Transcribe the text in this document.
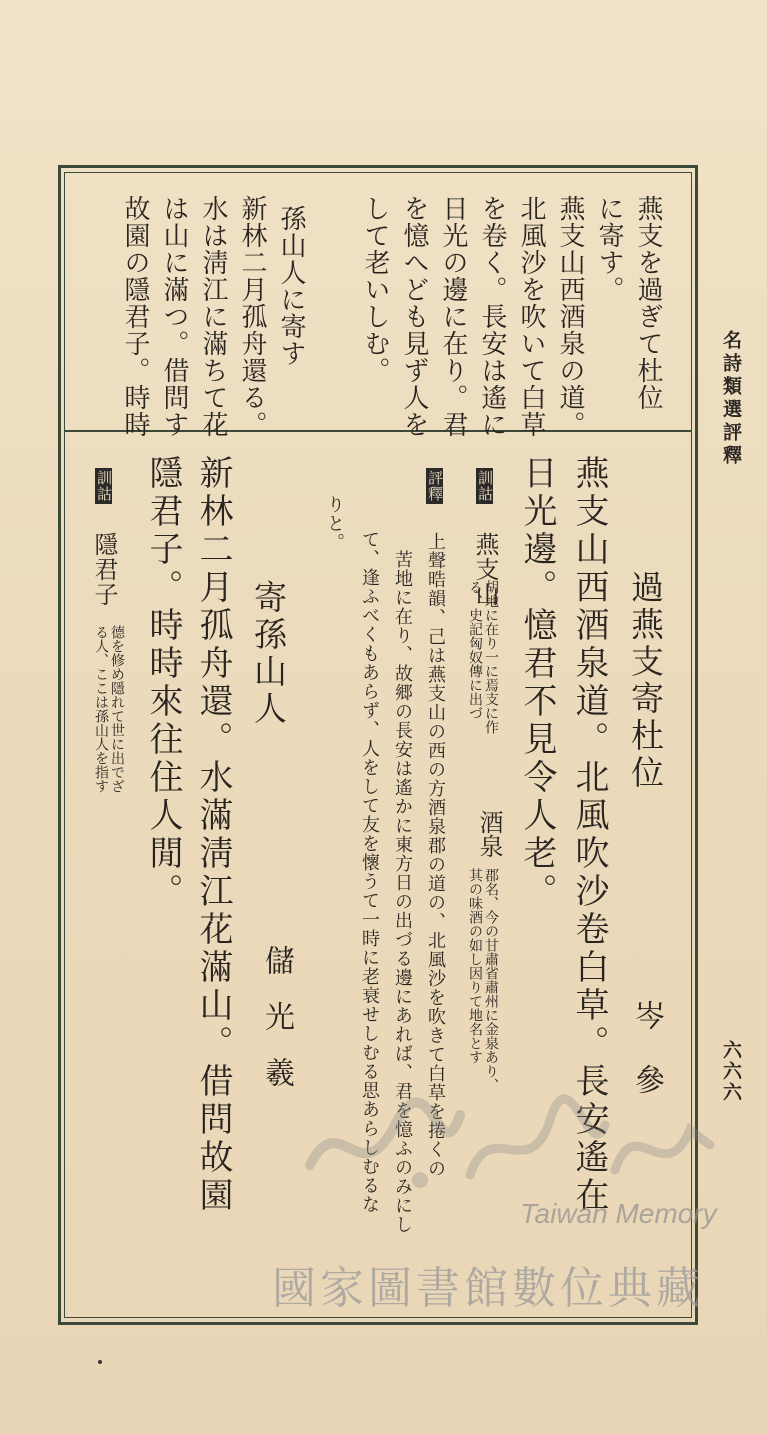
名詩類選評釋
六六六
燕支を過ぎて杜位
に寄す。
燕支山西酒泉の道。
北風沙を吹いて白草
を卷く。長安は遙に
日光の邊に在り。君
を憶へども見ず人を
して老いしむ。
孫山人に寄す
新林二月孤舟還る。
水は淸江に滿ちて花
は山に滿つ。借問す
故園の隱君子。時時
過燕支寄杜位
岑參
燕支山西酒泉道。北風吹沙卷白草。長安遙在
日光邊。憶君不見令人老。
訓詁 燕支山
胡地に在り一に焉支に作
る、史記匈奴傳に出づ
酒泉
郡名、今の甘肅省肅州に金泉あり、
其の味酒の如し因りて地名とす
評釋 上聲晧韻、己は燕支山の西の方酒泉郡の道の、北風沙を吹きて白草を捲くの
苦地に在り、故郷の長安は遙かに東方日の出づる邊にあれば、君を憶ふのみにし
て、逢ふべくもあらず、人をして友を懷うて一時に老衰せしむる思あらしむるな
りと。
寄孫山人
儲光羲
新林二月孤舟還。水滿淸江花滿山。借問故園
隱君子。時時來往住人閒。
訓詁 隱君子
德を修め隱れて世に出でざ
る人、ここは孫山人を指す
Taiwan Memory
國家圖書館數位典藏
